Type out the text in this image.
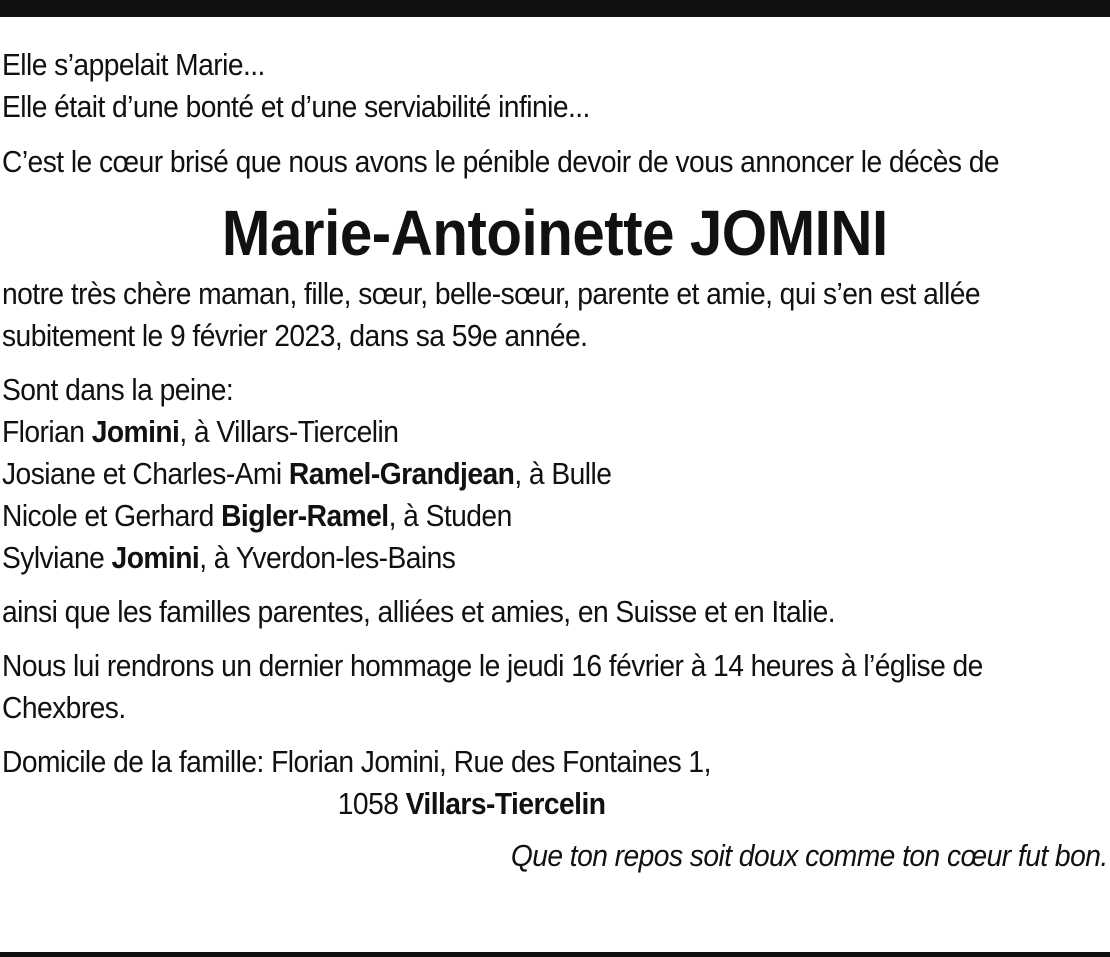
Elle s’appelait Marie...

Elle était d’une bonté et d’une serviabilité infinie...

C’est le cœur brisé que nous avons le pénible devoir de vous annoncer le décès de

Marie-Antoinette JOMINI

notre très chère maman, fille, sœur, belle-sœur, parente et amie, qui s’en est allée subitement le 9 février 2023, dans sa 59e année.

Sont dans la peine:

Florian Jomini, à Villars-Tiercelin

Josiane et Charles-Ami Ramel-Grandjean, à Bulle

Nicole et Gerhard Bigler-Ramel, à Studen

Sylviane Jomini, à Yverdon-les-Bains

ainsi que les familles parentes, alliées et amies, en Suisse et en Italie.

Nous lui rendrons un dernier hommage le jeudi 16 février à 14 heures à l’église de Chexbres.

Domicile de la famille: Florian Jomini, Rue des Fontaines 1,

1058 Villars-Tiercelin

Que ton repos soit doux comme ton cœur fut bon.
